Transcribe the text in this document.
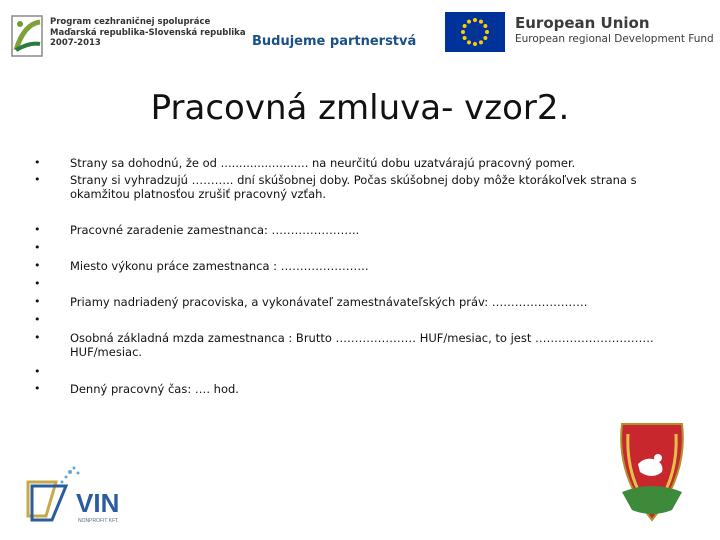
Program cezhraničnej spolupráce
Maďarská republika-Slovenská republika
2007-2013	Budujeme partnerstvá
European Union
European regional Development Fund
Pracovná zmluva- vzor2.
•	Strany sa dohodnú, že od ........................ na neurčitú dobu uzatvárajú pracovný pomer.
•	Strany si vyhradzujú ……….. dní skúšobnej doby. Počas skúšobnej doby môže ktorákoľvek strana s okamžitou platnosťou zrušiť pracovný vzťah.
•	Pracovné zaradenie zamestnanca: …………………..
•
•	Miesto výkonu práce zamestnanca : …………………..
•
•	Priamy nadriadený pracoviska, a vykonávateľ zamestnávateľských práv: …………………….
•
•	Osobná základná mzda zamestnanca : Brutto ………………… HUF/mesiac, to jest …………………………. HUF/mesiac.
•
•	Denný pracovný čas: …. hod.
VIN
NONPROFIT KFT.
